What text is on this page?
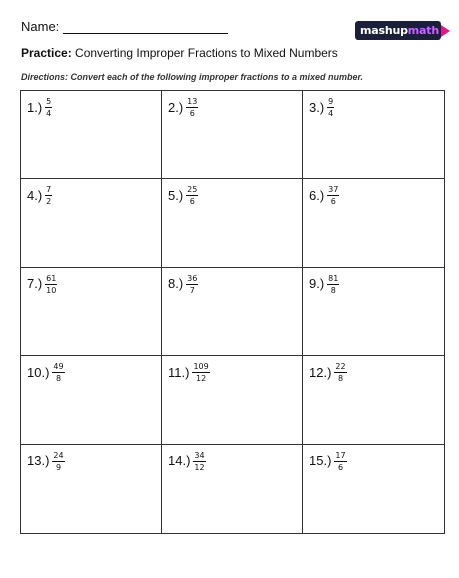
Name:	mashup math
Practice: Converting Improper Fractions to Mixed Numbers
Directions: Convert each of the following improper fractions to a mixed number.
$1.) \frac{5}{4}$	$2.) \frac{13}{6}$	$3.) \frac{9}{4}$
$4.) \frac{7}{2}$	$5.) \frac{25}{6}$	$6.) \frac{37}{6}$
$7.) \frac{61}{10}$	$8.) \frac{36}{7}$	$9.) \frac{81}{8}$
$10.) \frac{49}{8}$	$11.) \frac{109}{12}$	$12.) \frac{22}{8}$
$13.) \frac{24}{9}$	$14.) \frac{34}{12}$	$15.) \frac{17}{6}$
